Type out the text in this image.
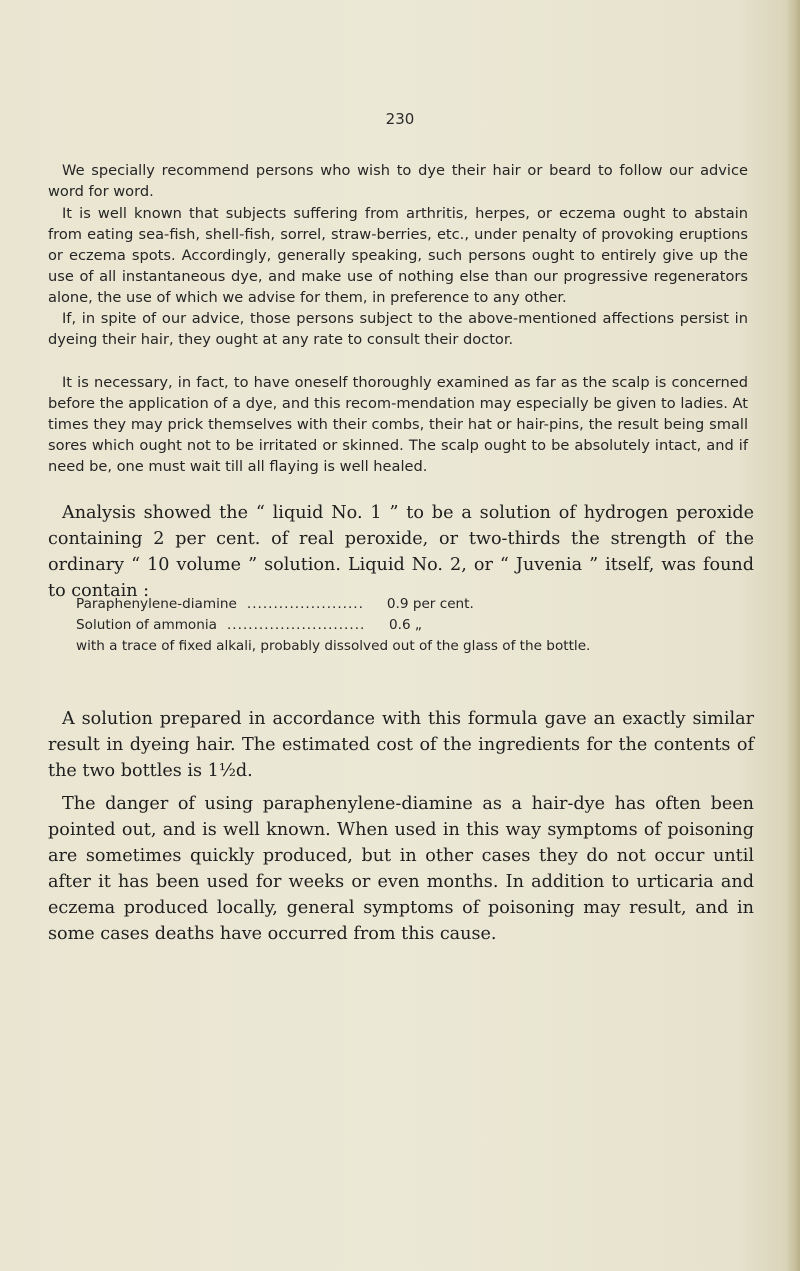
230

We specially recommend persons who wish to dye their hair or beard to follow our advice word for word.

It is well known that subjects suffering from arthritis, herpes, or eczema ought to abstain from eating sea-fish, shell-fish, sorrel, straw-berries, etc., under penalty of provoking eruptions or eczema spots. Accordingly, generally speaking, such persons ought to entirely give up the use of all instantaneous dye, and make use of nothing else than our progressive regenerators alone, the use of which we advise for them, in preference to any other.

If, in spite of our advice, those persons subject to the above-mentioned affections persist in dyeing their hair, they ought at any rate to consult their doctor.

It is necessary, in fact, to have oneself thoroughly examined as far as the scalp is concerned before the application of a dye, and this recom-mendation may especially be given to ladies. At times they may prick themselves with their combs, their hat or hair-pins, the result being small sores which ought not to be irritated or skinned. The scalp ought to be absolutely intact, and if need be, one must wait till all flaying is well healed.

Analysis showed the “ liquid No. 1 ” to be a solution of hydrogen peroxide containing 2 per cent. of real peroxide, or two-thirds the strength of the ordinary “ 10 volume ” solution. Liquid No. 2, or “ Juvenia ” itself, was found to contain :

Paraphenylene-diamine ......................	0.9 per cent.
Solution of ammonia ..........................	0.6 „
with a trace of fixed alkali, probably dissolved out of the glass of the bottle.

A solution prepared in accordance with this formula gave an exactly similar result in dyeing hair. The estimated cost of the ingredients for the contents of the two bottles is 1½d.

The danger of using paraphenylene-diamine as a hair-dye has often been pointed out, and is well known. When used in this way symptoms of poisoning are sometimes quickly produced, but in other cases they do not occur until after it has been used for weeks or even months. In addition to urticaria and eczema produced locally, general symptoms of poisoning may result, and in some cases deaths have occurred from this cause.
